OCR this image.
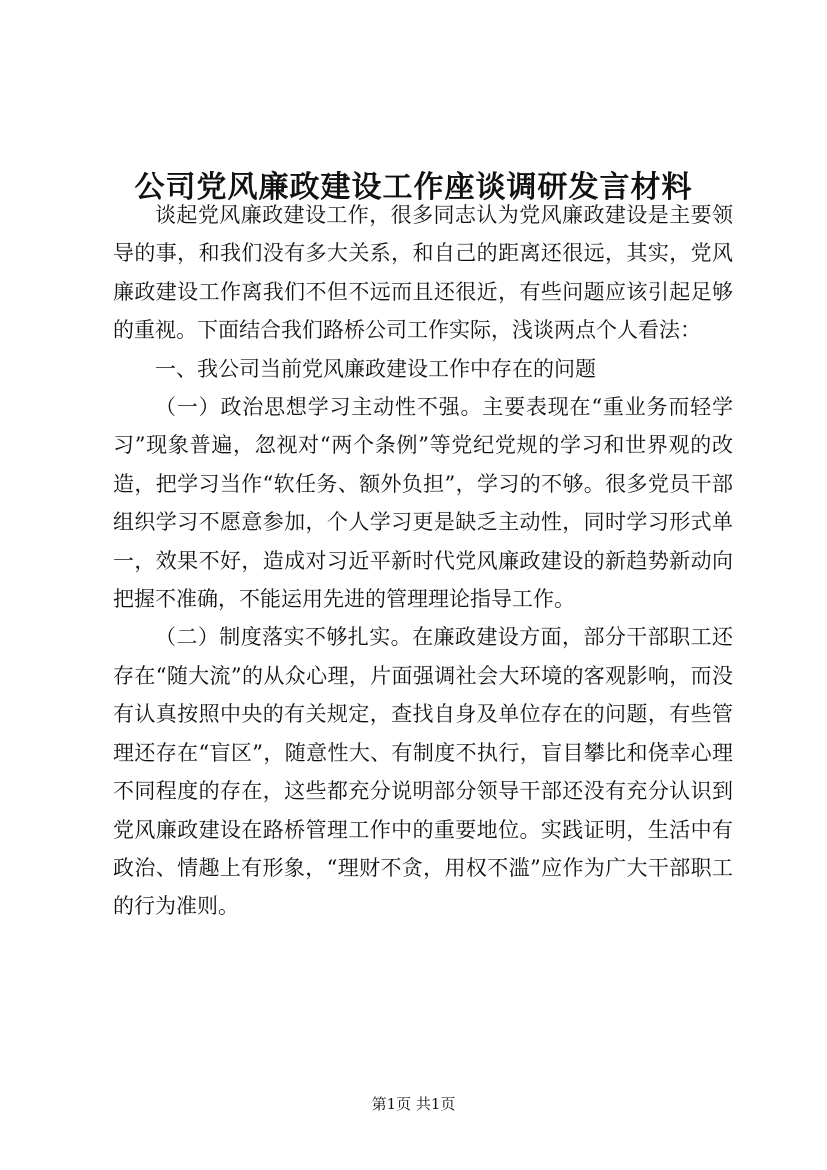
公司党风廉政建设工作座谈调研发言材料

谈起党风廉政建设工作，很多同志认为党风廉政建设是主要领导的事，和我们没有多大关系，和自己的距离还很远，其实，党风廉政建设工作离我们不但不远而且还很近，有些问题应该引起足够的重视。下面结合我们路桥公司工作实际，浅谈两点个人看法：

一、我公司当前党风廉政建设工作中存在的问题

（一）政治思想学习主动性不强。主要表现在“重业务而轻学习”现象普遍，忽视对“两个条例”等党纪党规的学习和世界观的改造，把学习当作“软任务、额外负担”，学习的不够。很多党员干部组织学习不愿意参加，个人学习更是缺乏主动性，同时学习形式单一，效果不好，造成对习近平新时代党风廉政建设的新趋势新动向把握不准确，不能运用先进的管理理论指导工作。

（二）制度落实不够扎实。在廉政建设方面，部分干部职工还存在“随大流”的从众心理，片面强调社会大环境的客观影响，而没有认真按照中央的有关规定，查找自身及单位存在的问题，有些管理还存在“盲区”，随意性大、有制度不执行，盲目攀比和侥幸心理不同程度的存在，这些都充分说明部分领导干部还没有充分认识到党风廉政建设在路桥管理工作中的重要地位。实践证明，生活中有政治、情趣上有形象，“理财不贪，用权不滥”应作为广大干部职工的行为准则。

第1页 共1页
